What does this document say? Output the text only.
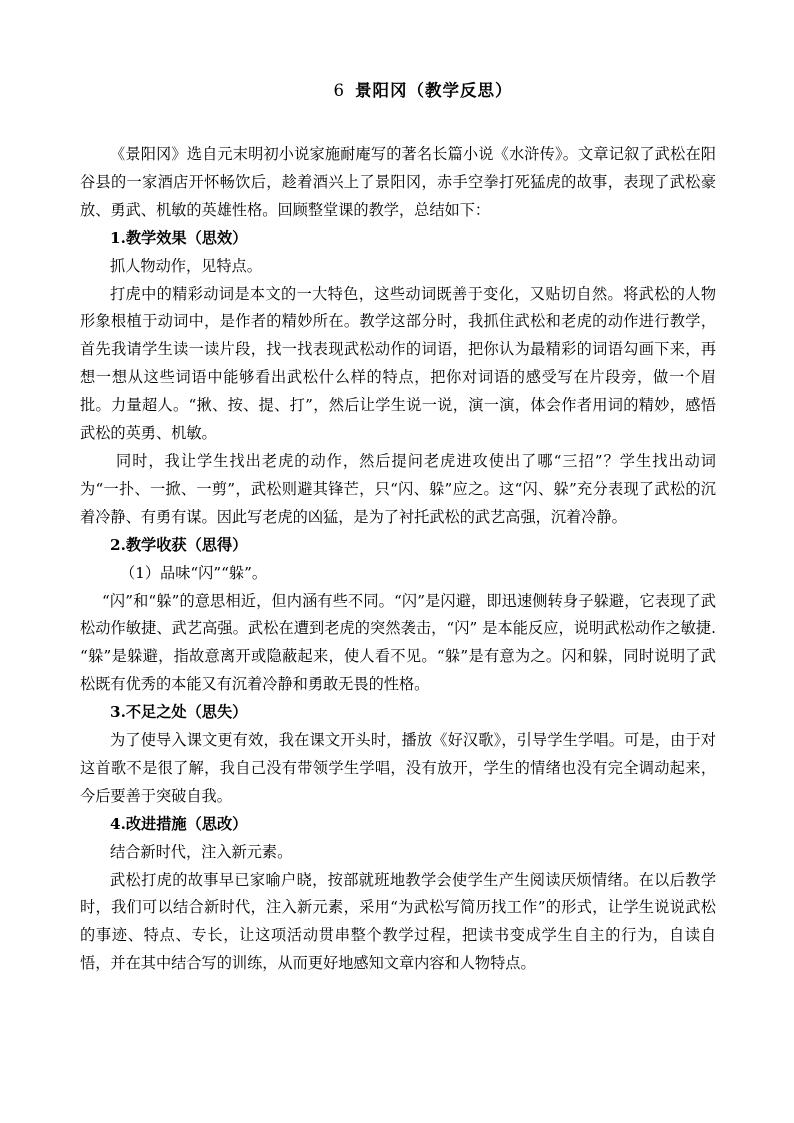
6 景阳冈（教学反思）

《景阳冈》选自元末明初小说家施耐庵写的著名长篇小说《水浒传》。文章记叙了武松在阳谷县的一家酒店开怀畅饮后，趁着酒兴上了景阳冈，赤手空拳打死猛虎的故事，表现了武松豪放、勇武、机敏的英雄性格。回顾整堂课的教学，总结如下：

1.教学效果（思效）

抓人物动作，见特点。

打虎中的精彩动词是本文的一大特色，这些动词既善于变化，又贴切自然。将武松的人物形象根植于动词中，是作者的精妙所在。教学这部分时，我抓住武松和老虎的动作进行教学，首先我请学生读一读片段，找一找表现武松动作的词语，把你认为最精彩的词语勾画下来，再想一想从这些词语中能够看出武松什么样的特点，把你对词语的感受写在片段旁，做一个眉批。力量超人。“揪、按、提、打”，然后让学生说一说，演一演，体会作者用词的精妙，感悟武松的英勇、机敏。

同时，我让学生找出老虎的动作，然后提问老虎进攻使出了哪“三招”？学生找出动词为“一扑、一掀、一剪”，武松则避其锋芒，只“闪、躲”应之。这“闪、躲”充分表现了武松的沉着冷静、有勇有谋。因此写老虎的凶猛，是为了衬托武松的武艺高强，沉着冷静。

2.教学收获（思得）

（1）品味“闪”“躲”。

“闪”和“躲”的意思相近，但内涵有些不同。“闪”是闪避，即迅速侧转身子躲避，它表现了武松动作敏捷、武艺高强。武松在遭到老虎的突然袭击，“闪” 是本能反应，说明武松动作之敏捷. “躲”是躲避，指故意离开或隐蔽起来，使人看不见。“躲”是有意为之。闪和躲，同时说明了武松既有优秀的本能又有沉着冷静和勇敢无畏的性格。

3.不足之处（思失）

为了使导入课文更有效，我在课文开头时，播放《好汉歌》，引导学生学唱。可是，由于对这首歌不是很了解，我自己没有带领学生学唱，没有放开，学生的情绪也没有完全调动起来，今后要善于突破自我。

4.改进措施（思改）

结合新时代，注入新元素。

武松打虎的故事早已家喻户晓，按部就班地教学会使学生产生阅读厌烦情绪。在以后教学时，我们可以结合新时代，注入新元素，采用“为武松写简历找工作”的形式，让学生说说武松的事迹、特点、专长，让这项活动贯串整个教学过程，把读书变成学生自主的行为，自读自悟，并在其中结合写的训练，从而更好地感知文章内容和人物特点。
